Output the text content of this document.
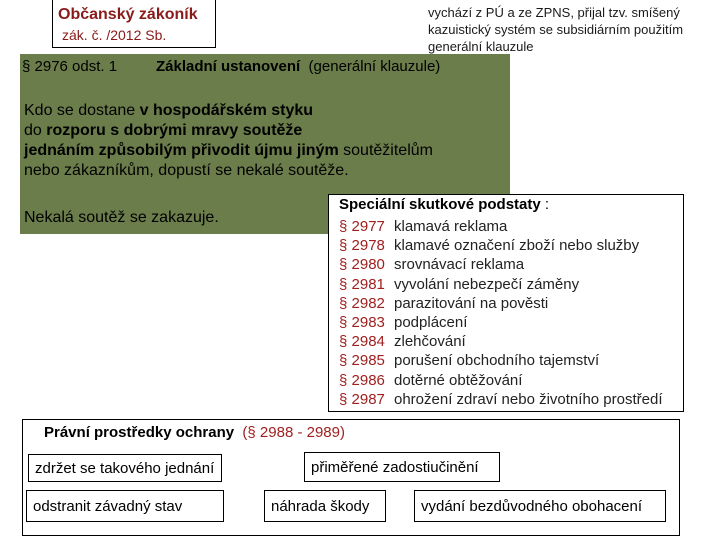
Občanský zákoník
zák. č. /2012 Sb.
vychází z PÚ a ze ZPNS, přijal tzv. smíšený kazuistický systém se subsidiárním použitím generální klauzule
§ 2976 odst. 1	Základní ustanovení (generální klauzule)
Kdo se dostane v hospodářském styku
do rozporu s dobrými mravy soutěže
jednáním způsobilým přivodit újmu jiným soutěžitelům
nebo zákazníkům, dopustí se nekalé soutěže.
Nekalá soutěž se zakazuje.
Speciální skutkové podstaty :
§ 2977 klamavá reklama
§ 2978 klamavé označení zboží nebo služby
§ 2980 srovnávací reklama
§ 2981 vyvolání nebezpečí záměny
§ 2982 parazitování na pověsti
§ 2983 podplácení
§ 2984 zlehčování
§ 2985 porušení obchodního tajemství
§ 2986 dotěrné obtěžování
§ 2987 ohrožení zdraví nebo životního prostředí
Právní prostředky ochrany (§ 2988 - 2989)
zdržet se takového jednání	přiměřené zadostiučinění
odstranit závadný stav	náhrada škody	vydání bezdůvodného obohacení
